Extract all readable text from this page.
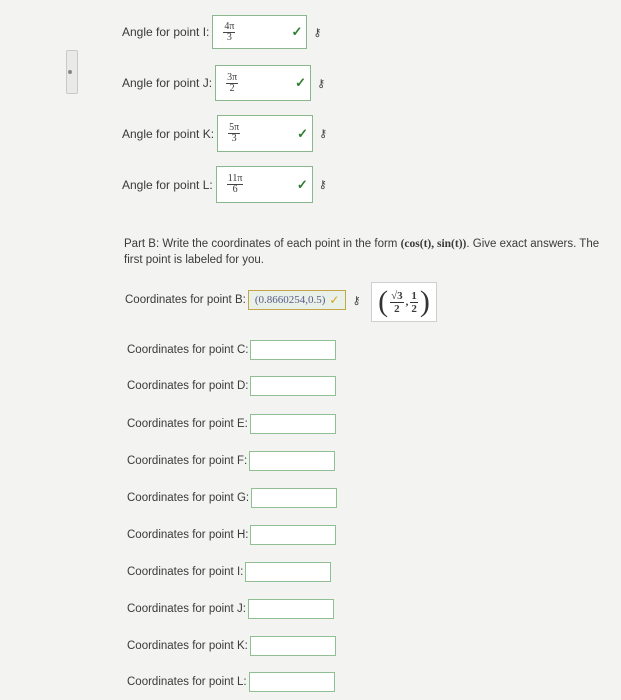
Angle for point I: $\frac{4\pi}{3}$	✓ ⚷
Angle for point J: $\frac{3\pi}{2}$	✓ ⚷
Angle for point K: $\frac{5\pi}{3}$	✓ ⚷
Angle for point L: $\frac{11\pi}{6}$	✓ ⚷
Part B: Write the coordinates of each point in the form (cos(t), sin(t)). Give exact answers. The first point is labeled for you.
Coordinates for point B: (0.8660254,0.5) ✓ ⚷ ( $\frac{√3}{2}$ , $\frac{1}{2}$ )
Coordinates for point C:
Coordinates for point D:
Coordinates for point E:
Coordinates for point F:
Coordinates for point G:
Coordinates for point H:
Coordinates for point I:
Coordinates for point J:
Coordinates for point K:
Coordinates for point L:
